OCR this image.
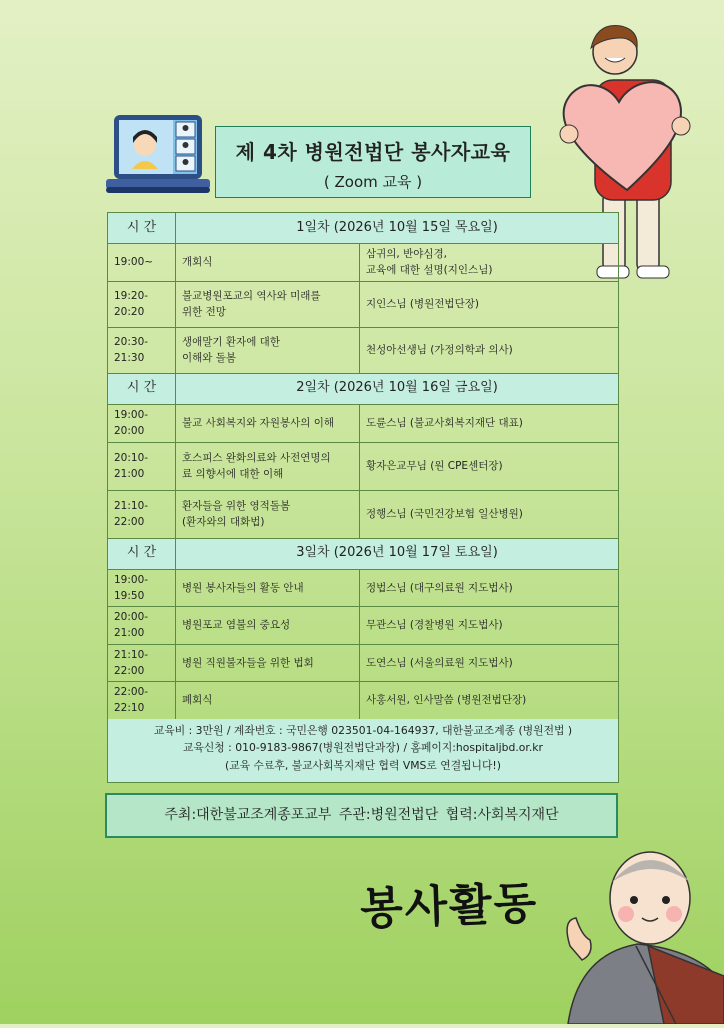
제 4차 병원전법단 봉사자교육
( Zoom 교육 )
시 간	1일차 (2026년 10월 15일 목요일)	
19:00~	개회식	삼귀의, 반야심경,
교육에 대한 설명(지인스님)
19:20-20:20	불교병원포교의 역사와 미래를
위한 전망	지인스님 (병원전법단장)
20:30-21:30	생애말기 환자에 대한
이해와 돌봄	천성아선생님 (가정의학과 의사)
시 간	2일차 (2026년 10월 16일 금요일)	
19:00-20:00	불교 사회복지와 자원봉사의 이해	도륜스님 (불교사회복지재단 대표)
20:10-21:00	호스피스 완화의료와 사전연명의
료 의향서에 대한 이해	황자은교무님 (원 CPE센터장)
21:10-22:00	환자들을 위한 영적돌봄
(환자와의 대화법)	정행스님 (국민건강보험 일산병원)
시 간	3일차 (2026년 10월 17일 토요일)	
19:00-19:50	병원 봉사자들의 활동 안내	정법스님 (대구의료원 지도법사)
20:00-21:00	병원포교 염불의 중요성	무관스님 (경찰병원 지도법사)
21:10-22:00	병원 직원불자들을 위한 법회	도연스님 (서울의료원 지도법사)
22:00-22:10	폐회식	사홍서원, 인사말씀 (병원전법단장)
교육비 : 3만원 / 계좌번호 : 국민은행 023501-04-164937, 대한불교조계종 (병원전법 )
교육신청 : 010-9183-9867(병원전법단과장) / 홈페이지:hospitaljbd.or.kr
(교육 수료후, 불교사회복지재단 협력 VMS로 연결됩니다!)
주최:대한불교조계종포교부 주관:병원전법단 협력:사회복지재단
봉사활동
